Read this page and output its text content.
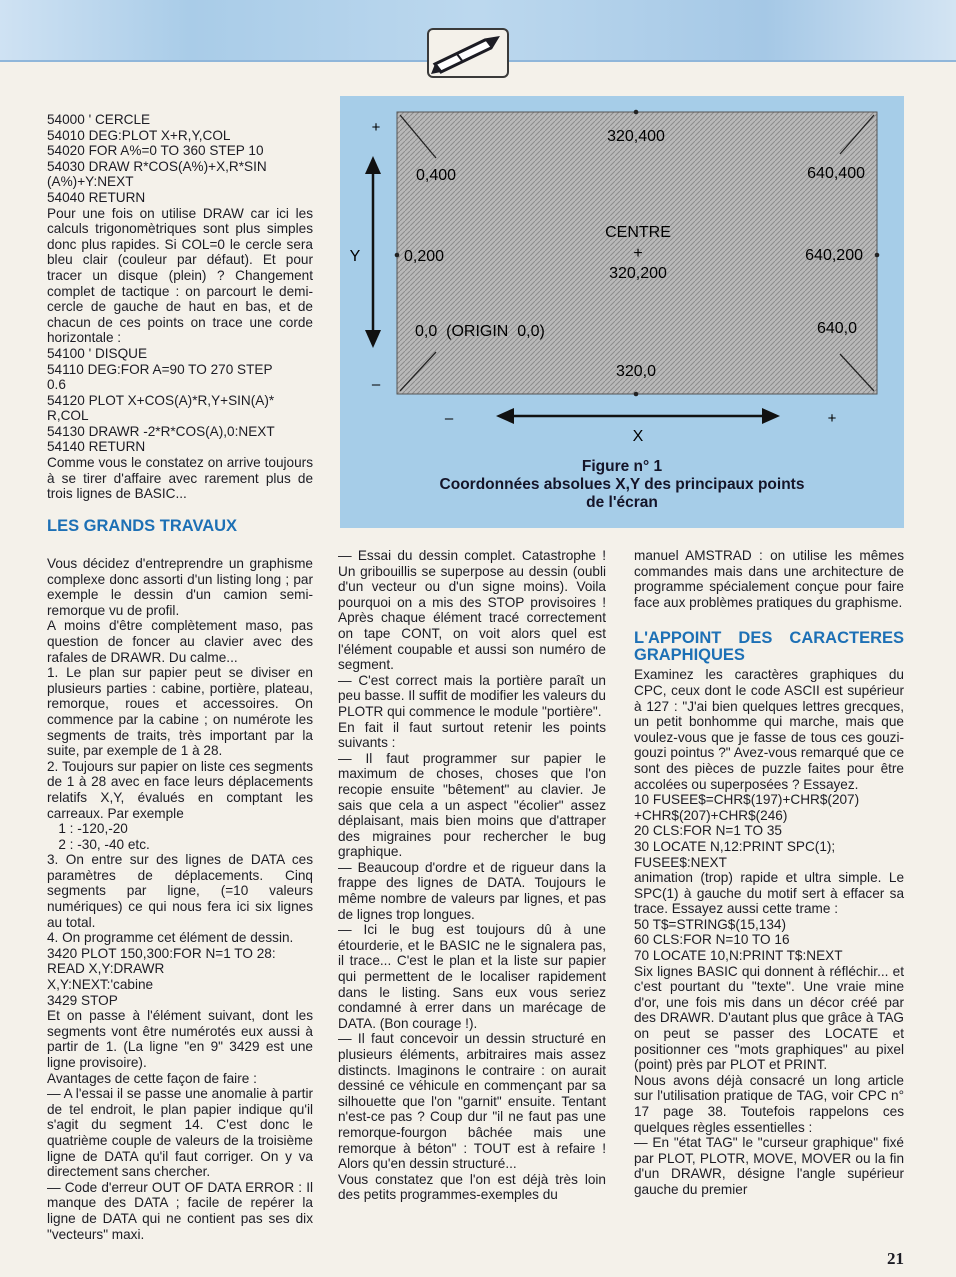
54000 ' CERCLE

54010 DEG:PLOT X+R,Y,COL

54020 FOR A%=0 TO 360 STEP 10

54030 DRAW R*COS(A%)+X,R*SIN
(A%)+Y:NEXT

54040 RETURN

Pour une fois on utilise DRAW car ici les calculs trigonomètriques sont plus simples donc plus rapides. Si COL=0 le cercle sera bleu clair (couleur par défaut). Et pour tracer un disque (plein) ? Changement complet de tactique : on parcourt le demi-cercle de gauche de haut en bas, et de chacun de ces points on trace une corde horizontale :

54100 ' DISQUE

54110 DEG:FOR A=90 TO 270 STEP
0.6

54120 PLOT X+COS(A)*R,Y+SIN(A)*
R,COL

54130 DRAWR -2*R*COS(A),0:NEXT

54140 RETURN

Comme vous le constatez on arrive toujours à se tirer d'affaire avec rarement plus de trois lignes de BASIC...

LES GRANDS TRAVAUX

Vous décidez d'entreprendre un graphisme complexe donc assorti d'un listing long ; par exemple le dessin d'un camion semi-remorque vu de profil.

A moins d'être complètement maso, pas question de foncer au clavier avec des rafales de DRAWR. Du calme...

1. Le plan sur papier peut se diviser en plusieurs parties : cabine, portière, plateau, remorque, roues et accessoires. On commence par la cabine ; on numérote les segments de traits, très important par la suite, par exemple de 1 à 28.

2. Toujours sur papier on liste ces segments de 1 à 28 avec en face leurs déplacements relatifs X,Y, évalués en comptant les carreaux. Par exemple

1 : -120,-20

2 : -30, -40 etc.

3. On entre sur des lignes de DATA ces paramètres de déplacements. Cinq segments par ligne, (=10 valeurs numériques) ce qui nous fera ici six lignes au total.

4. On programme cet élément de dessin.

3420 PLOT 150,300:FOR N=1 TO 28:
READ X,Y:DRAWR
X,Y:NEXT:'cabine

3429 STOP

Et on passe à l'élément suivant, dont les segments vont être numérotés eux aussi à partir de 1. (La ligne "en 9" 3429 est une ligne provisoire).

Avantages de cette façon de faire :

— A l'essai il se passe une anomalie à partir de tel endroit, le plan papier indique qu'il s'agit du segment 14. C'est donc le quatrième couple de valeurs de la troisième ligne de DATA qu'il faut corriger. On y va directement sans chercher.

— Code d'erreur OUT OF DATA ERROR : Il manque des DATA ; facile de repérer la ligne de DATA qui ne contient pas ses dix "vecteurs" maxi.

320,400
0,400	640,400
CENTRE
+
320,200
0,200	640,200
0,0  (ORIGIN  0,0)	640,0
320,0
+
–
Y
–	+
X
Figure n° 1
Coordonnées absolues X,Y des principaux points
de l'écran

— Essai du dessin complet. Catastrophe ! Un gribouillis se superpose au dessin (oubli d'un vecteur ou d'un signe moins). Voila pourquoi on a mis des STOP provisoires ! Après chaque élément tracé correctement on tape CONT, on voit alors quel est l'élément coupable et aussi son numéro de segment.

— C'est correct mais la portière paraît un peu basse. Il suffit de modifier les valeurs du PLOTR qui commence le module "portière".

En fait il faut surtout retenir les points suivants :

— Il faut programmer sur papier le maximum de choses, choses que l'on recopie ensuite "bêtement" au clavier. Je sais que cela a un aspect "écolier" assez déplaisant, mais bien moins que d'attraper des migraines pour rechercher le bug graphique.

— Beaucoup d'ordre et de rigueur dans la frappe des lignes de DATA. Toujours le même nombre de valeurs par lignes, et pas de lignes trop longues.

— Ici le bug est toujours dû à une étourderie, et le BASIC ne le signalera pas, il trace... C'est le plan et la liste sur papier qui permettent de le localiser rapidement dans le listing. Sans eux vous seriez condamné à errer dans un marécage de DATA. (Bon courage !).

— Il faut concevoir un dessin structuré en plusieurs éléments, arbitraires mais assez distincts. Imaginons le contraire : on aurait dessiné ce véhicule en commençant par sa silhouette que l'on "garnit" ensuite. Tentant n'est-ce pas ? Coup dur "il ne faut pas une remorque-fourgon bâchée mais une remorque à béton" : TOUT est à refaire ! Alors qu'en dessin structuré...

Vous constatez que l'on est déjà très loin des petits programmes-exemples du

manuel AMSTRAD : on utilise les mêmes commandes mais dans une architecture de programme spécialement conçue pour faire face aux problèmes pratiques du graphisme.

L'APPOINT DES CARACTERES GRAPHIQUES

Examinez les caractères graphiques du CPC, ceux dont le code ASCII est supérieur à 127 : "J'ai bien quelques lettres grecques, un petit bonhomme qui marche, mais que voulez-vous que je fasse de tous ces gouzi-gouzi pointus ?" Avez-vous remarqué que ce sont des pièces de puzzle faites pour être accolées ou superposées ? Essayez.

10 FUSEE$=CHR$(197)+CHR$(207)
+CHR$(207)+CHR$(246)

20 CLS:FOR N=1 TO 35

30 LOCATE N,12:PRINT SPC(1);
FUSEE$:NEXT

animation (trop) rapide et ultra simple. Le SPC(1) à gauche du motif sert à effacer sa trace. Essayez aussi cette trame :

50 T$=STRING$(15,134)

60 CLS:FOR N=10 TO 16

70 LOCATE 10,N:PRINT T$:NEXT

Six lignes BASIC qui donnent à réfléchir... et c'est pourtant du "texte". Une vraie mine d'or, une fois mis dans un décor créé par des DRAWR. D'autant plus que grâce à TAG on peut se passer des LOCATE et positionner ces "mots graphiques" au pixel (point) près par PLOT et PRINT.

Nous avons déjà consacré un long article sur l'utilisation pratique de TAG, voir CPC n° 17 page 38. Toutefois rappelons ces quelques règles essentielles :

— En "état TAG" le "curseur graphique" fixé par PLOT, PLOTR, MOVE, MOVER ou la fin d'un DRAWR, désigne l'angle supérieur gauche du premier

21
